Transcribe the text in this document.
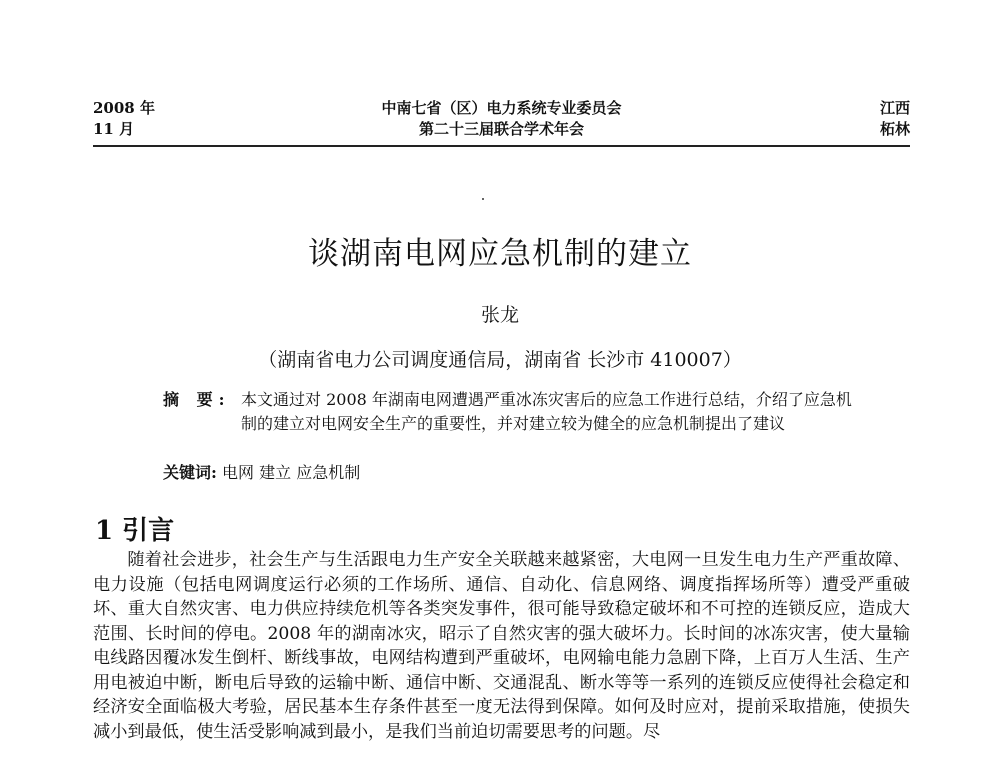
2008 年
11 月
中南七省（区）电力系统专业委员会
第二十三届联合学术年会
江西
柘林
谈湖南电网应急机制的建立
张龙
（湖南省电力公司调度通信局，湖南省 长沙市 410007）
摘 要: 本文通过对 2008 年湖南电网遭遇严重冰冻灾害后的应急工作进行总结，介绍了应急机制的建立对电网安全生产的重要性，并对建立较为健全的应急机制提出了建议
关键词: 电网 建立 应急机制
1 引言

随着社会进步，社会生产与生活跟电力生产安全关联越来越紧密，大电网一旦发生电力生产严重故障、电力设施（包括电网调度运行必须的工作场所、通信、自动化、信息网络、调度指挥场所等）遭受严重破坏、重大自然灾害、电力供应持续危机等各类突发事件，很可能导致稳定破坏和不可控的连锁反应，造成大范围、长时间的停电。2008 年的湖南冰灾，昭示了自然灾害的强大破坏力。长时间的冰冻灾害，使大量输电线路因覆冰发生倒杆、断线事故，电网结构遭到严重破坏，电网输电能力急剧下降，上百万人生活、生产用电被迫中断，断电后导致的运输中断、通信中断、交通混乱、断水等等一系列的连锁反应使得社会稳定和经济安全面临极大考验，居民基本生存条件甚至一度无法得到保障。如何及时应对，提前采取措施，使损失减小到最低，使生活受影响减到最小，是我们当前迫切需要思考的问题。尽
